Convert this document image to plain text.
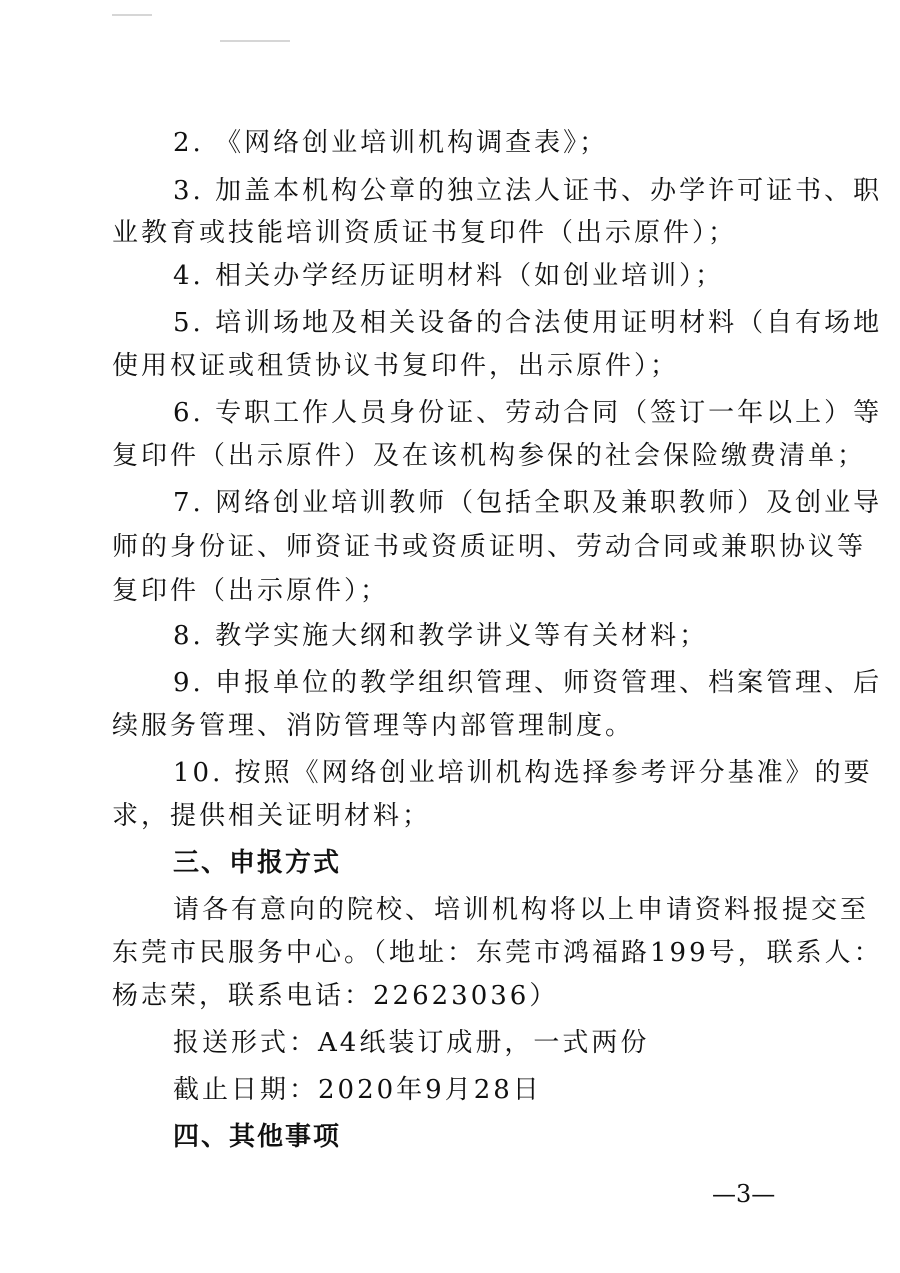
2. 《网络创业培训机构调查表》；
3. 加盖本机构公章的独立法人证书、办学许可证书、职
业教育或技能培训资质证书复印件（出示原件）；
4. 相关办学经历证明材料（如创业培训）；
5. 培训场地及相关设备的合法使用证明材料（自有场地
使用权证或租赁协议书复印件，出示原件）；
6. 专职工作人员身份证、劳动合同（签订一年以上）等
复印件（出示原件）及在该机构参保的社会保险缴费清单；
7. 网络创业培训教师（包括全职及兼职教师）及创业导
师的身份证、师资证书或资质证明、劳动合同或兼职协议等
复印件（出示原件）；
8. 教学实施大纲和教学讲义等有关材料；
9. 申报单位的教学组织管理、师资管理、档案管理、后
续服务管理、消防管理等内部管理制度。
10. 按照《网络创业培训机构选择参考评分基准》的要
求，提供相关证明材料；
三、申报方式
请各有意向的院校、培训机构将以上申请资料报提交至
东莞市民服务中心。（地址：东莞市鸿福路199号，联系人：
杨志荣，联系电话：22623036）
报送形式：A4纸装订成册，一式两份
截止日期：2020年9月28日
四、其他事项
—3—
